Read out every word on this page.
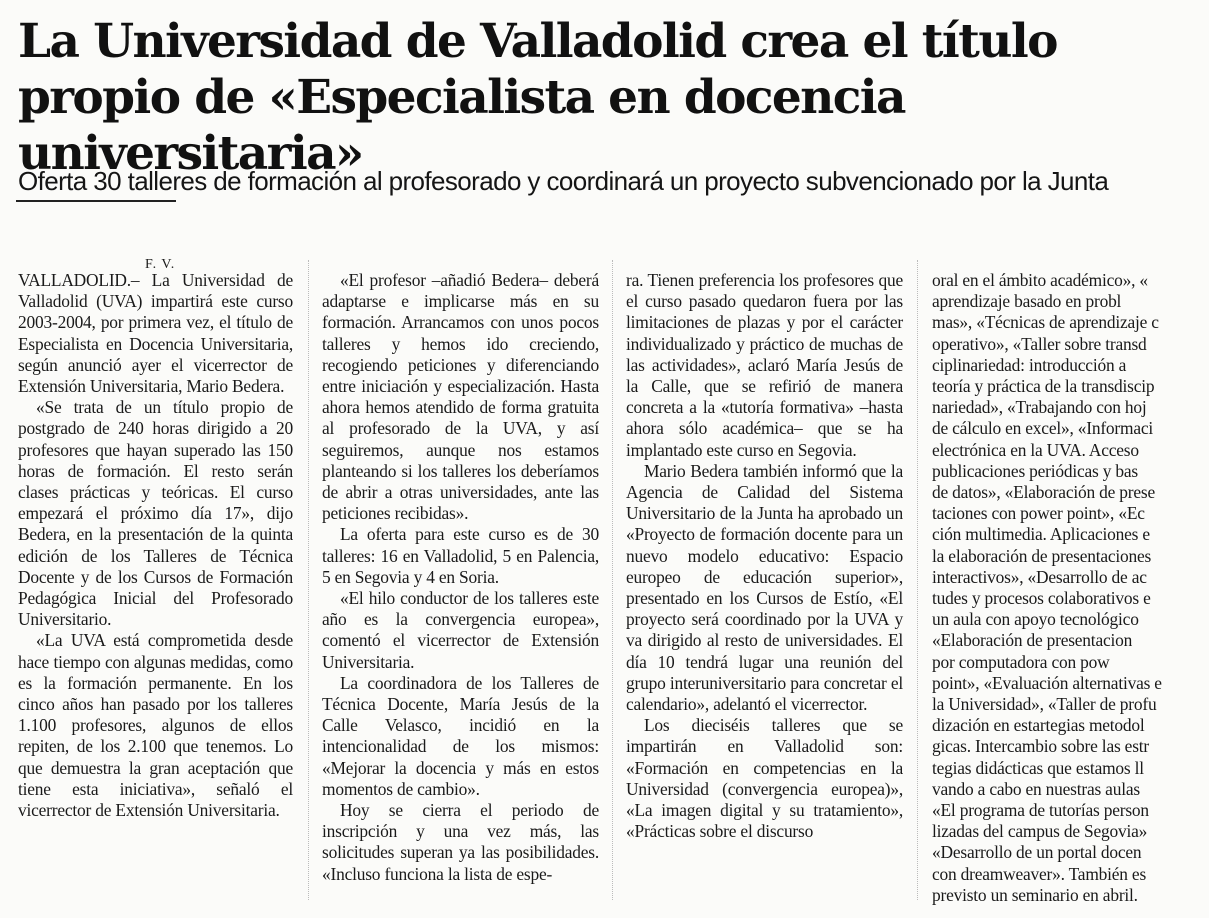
La Universidad de Valladolid crea el título propio de «Especialista en docencia universitaria»
Oferta 30 talleres de formación al profesorado y coordinará un proyecto subvencionado por la Junta
F. V.

VALLADOLID.– La Universidad de Valladolid (UVA) impartirá este curso 2003-2004, por primera vez, el título de Especialista en Docencia Universitaria, según anunció ayer el vicerrector de Extensión Universitaria, Mario Bedera.

«Se trata de un título propio de postgrado de 240 horas dirigido a 20 profesores que hayan superado las 150 horas de formación. El resto serán clases prácticas y teóricas. El curso empezará el próximo día 17», dijo Bedera, en la presentación de la quinta edición de los Talleres de Técnica Docente y de los Cursos de Formación Pedagógica Inicial del Profesorado Universitario.

«La UVA está comprometida desde hace tiempo con algunas medidas, como es la formación permanente. En los cinco años han pasado por los talleres 1.100 profesores, algunos de ellos repiten, de los 2.100 que tenemos. Lo que demuestra la gran aceptación que tiene esta iniciativa», señaló el vicerrector de Extensión Universitaria.

«El profesor –añadió Bedera– deberá adaptarse e implicarse más en su formación. Arrancamos con unos pocos talleres y hemos ido creciendo, recogiendo peticiones y diferenciando entre iniciación y especialización. Hasta ahora hemos atendido de forma gratuita al profesorado de la UVA, y así seguiremos, aunque nos estamos planteando si los talleres los deberíamos de abrir a otras universidades, ante las peticiones recibidas».

La oferta para este curso es de 30 talleres: 16 en Valladolid, 5 en Palencia, 5 en Segovia y 4 en Soria.

«El hilo conductor de los talleres este año es la convergencia europea», comentó el vicerrector de Extensión Universitaria.

La coordinadora de los Talleres de Técnica Docente, María Jesús de la Calle Velasco, incidió en la intencionalidad de los mismos: «Mejorar la docencia y más en estos momentos de cambio».

Hoy se cierra el periodo de inscripción y una vez más, las solicitudes superan ya las posibilidades. «Incluso funciona la lista de espe-

ra. Tienen preferencia los profesores que el curso pasado quedaron fuera por las limitaciones de plazas y por el carácter individualizado y práctico de muchas de las actividades», aclaró María Jesús de la Calle, que se refirió de manera concreta a la «tutoría formativa» –hasta ahora sólo académica– que se ha implantado este curso en Segovia.

Mario Bedera también informó que la Agencia de Calidad del Sistema Universitario de la Junta ha aprobado un «Proyecto de formación docente para un nuevo modelo educativo: Espacio europeo de educación superior», presentado en los Cursos de Estío, «El proyecto será coordinado por la UVA y va dirigido al resto de universidades. El día 10 tendrá lugar una reunión del grupo interuniversitario para concretar el calendario», adelantó el vicerrector.

Los dieciséis talleres que se impartirán en Valladolid son: «Formación en competencias en la Universidad (convergencia europea)», «La imagen digital y su tratamiento», «Prácticas sobre el discurso

oral en el ámbito académico», «
aprendizaje basado en probl
mas», «Técnicas de aprendizaje c
operativo», «Taller sobre transd
ciplinariedad: introducción a
teoría y práctica de la transdiscip
nariedad», «Trabajando con hoj
de cálculo en excel», «Informaci
electrónica en la UVA. Acceso
publicaciones periódicas y bas
de datos», «Elaboración de prese
taciones con power point», «Ec
ción multimedia. Aplicaciones e
la elaboración de presentaciones
interactivos», «Desarrollo de ac
tudes y procesos colaborativos e
un aula con apoyo tecnológico
«Elaboración de presentacion
por computadora con pow
point», «Evaluación alternativas e
la Universidad», «Taller de profu
dización en estartegias metodol
gicas. Intercambio sobre las estr
tegias didácticas que estamos ll
vando a cabo en nuestras aulas
«El programa de tutorías person
lizadas del campus de Segovia»
«Desarrollo de un portal docen
con dreamweaver». También es
previsto un seminario en abril.
